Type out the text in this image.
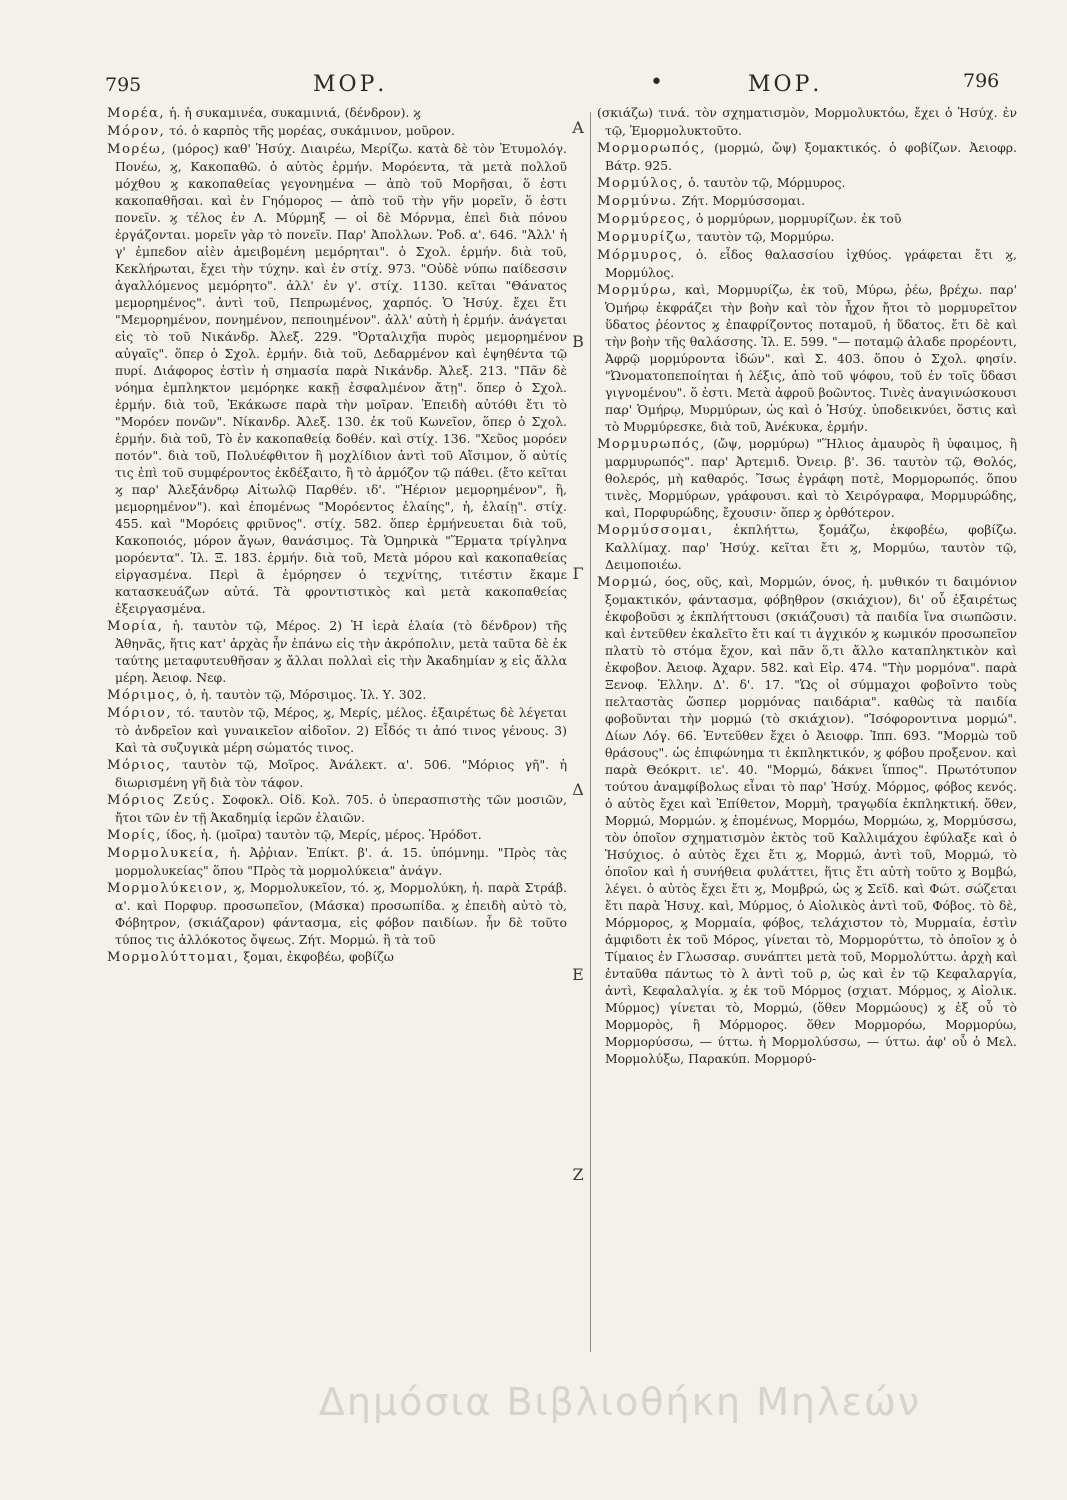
795	ΜΟΡ.	•	ΜΟΡ.	796

Μορέα, ἡ. ἡ συκαμινέα, συκαμινιά, (δένδρον). ϗ

Μόρον, τό. ὁ καρπὸς τῆς μορέας, συκάμινον, μοῦρον.

Μορέω, (μόρος) καθ' Ἡσύχ. Διαιρέω, Μερίζω. κατὰ δὲ τὸν Ἐτυμολόγ. Πονέω, ϗ, Κακοπαθῶ. ὁ αὐτὸς ἑρμήν. Μορόεντα, τὰ μετὰ πολλοῦ μόχθου ϗ κακοπαθείας γεγονημένα — ἀπὸ τοῦ Μορῆσαι, ὅ ἐστι κακοπαθῆσαι. καὶ ἐν Γηόμορος — ἀπὸ τοῦ τὴν γῆν μορεῖν, ὅ ἐστι πονεῖν. ϗ τέλος ἐν Λ. Μύρμηξ — οἱ δὲ Μόρνμα, ἐπεὶ διὰ πόνου ἐργάζονται. μορεῖν γὰρ τὸ πονεῖν. Παρ' Ἀπολλων. Ῥοδ. α'. 646. "Ἀλλ' ἡ γ' ἐμπεδον αἰὲν ἀμειβομένη μεμόρηται". ὁ Σχολ. ἑρμήν. διὰ τοῦ, Κεκλήρωται, ἔχει τὴν τύχην. καὶ ἐν στίχ. 973. "Οὐδὲ νύπω παίδεσσιν ἀγαλλόμενος μεμόρητο". ἀλλ' ἐν γ'. στίχ. 1130. κεῖται "Θάνατος μεμορημένος". ἀντὶ τοῦ, Πεπρωμένος, χαρπός. Ὁ Ἡσύχ. ἔχει ἔτι "Μεμορημένον, πονημένον, πεποιημένον". ἀλλ' αὐτὴ ἡ ἑρμήν. ἀνάγεται εἰς τὸ τοῦ Νικάνδρ. Ἀλεξ. 229. "Ὀρταλιχῆα πυρὸς μεμορημένον αὐγαῖς". ὅπερ ὁ Σχολ. ἑρμήν. διὰ τοῦ, Δεδαρμένον καὶ ἐψηθέντα τῷ πυρί. Διάφορος ἐστὶν ἡ σημασία παρὰ Νικάνδρ. Ἀλεξ. 213. "Πᾶν δὲ νόημα ἐμπληκτον μεμόρηκε κακῇ ἐσφαλμένον ἄτῃ". ὅπερ ὁ Σχολ. ἑρμήν. διὰ τοῦ, Ἐκάκωσε παρὰ τὴν μοῖραν. Ἐπειδὴ αὐτόθι ἔτι τὸ "Μορόεν πονῶν". Νίκανδρ. Ἀλεξ. 130. ἐκ τοῦ Κωνεῖον, ὅπερ ὁ Σχολ. ἑρμήν. διὰ τοῦ, Τὸ ἐν κακοπαθείᾳ δοθέν. καὶ στίχ. 136. "Χεῦος μορόεν ποτόν". διὰ τοῦ, Πολυέφθιτον ἢ μοχλίδιον ἀντὶ τοῦ Αἴσιμον, ὅ αὐτίς τις ἐπὶ τοῦ συμφέροντος ἐκδέξαιτο, ἢ τὸ ἁρμόζον τῷ πάθει. (ἔτο κεῖται ϗ παρ' Ἀλεξάνδρῳ Αἰτωλῷ Παρθέν. ιδ'. "Ἠέριον μεμορημένον", ἢ, μεμορημένον"). καὶ ἐπομένως "Μορόεντος ἐλαίης", ἡ, ἐλαίῃ". στίχ. 455. καὶ "Μορόεις φριῦνος". στίχ. 582. ὅπερ ἑρμήνευεται διὰ τοῦ, Κακοποιός, μόρον ἄγων, θανάσιμος. Τὰ Ὁμηρικὰ "Ἕρματα τρίγληνα μορόεντα". Ἰλ. Ξ. 183. ἑρμήν. διὰ τοῦ, Μετὰ μόρου καὶ κακοπαθείας εἰργασμένα. Περὶ ἃ ἐμόρησεν ὁ τεχνίτης, τιτέστιν ἔκαμε κατασκευάζων αὐτά. Τὰ φροντιστικὸς καὶ μετὰ κακοπαθείας ἐξειργασμένα.

Μορία, ἡ. ταυτὸν τῷ, Μέρος. 2) Ἡ ἱερὰ ἐλαία (τὸ δένδρον) τῆς Ἀθηνᾶς, ἥτις κατ' ἀρχὰς ἦν ἐπάνω εἰς τὴν ἀκρόπολιν, μετὰ ταῦτα δὲ ἐκ ταύτης μεταφυτευθῆσαν ϗ ἄλλαι πολλαὶ εἰς τὴν Ἀκαδημίαν ϗ εἰς ἄλλα μέρη. Ἀειοφ. Νεφ.

Μόριμος, ὁ, ἡ. ταυτὸν τῷ, Μόρσιμος. Ἰλ. Υ. 302.

Μόριον, τό. ταυτὸν τῷ, Μέρος, ϗ, Μερίς, μέλος. ἐξαιρέτως δὲ λέγεται τὸ ἀνδρεῖον καὶ γυναικεῖον αἰδοῖον. 2) Εἶδός τι ἀπό τινος γένους. 3) Καὶ τὰ συζυγικὰ μέρη σώματός τινος.

Μόριος, ταυτὸν τῷ, Μοῖρος. Ἀνάλεκτ. α'. 506. "Μόριος γῆ". ἡ διωρισμένη γῆ διὰ τὸν τάφον.

Μόριος Ζεύς. Σοφοκλ. Οἰδ. Κολ. 705. ὁ ὑπερασπιστὴς τῶν μοσιῶν, ἤτοι τῶν ἐν τῇ Ἀκαδημίᾳ ἱερῶν ἐλαιῶν.

Μορίς, ίδος, ἡ. (μοῖρα) ταυτὸν τῷ, Μερίς, μέρος. Ἡρόδοτ.

Μορμολυκεία, ἡ. Ἀῤῥιαν. Ἐπίκτ. β'. ά. 15. ὑπόμνημ. "Πρὸς τὰς μορμολυκείας" ὅπου "Πρὸς τὰ μορμολύκεια" ἀνάγν.

Μορμολύκειον, ϗ, Μορμολυκεῖον, τό. ϗ, Μορμολύκη, ἡ. παρὰ Στράβ. α'. καὶ Πορφυρ. προσωπεῖον, (Μάσκα) προσωπίδα. ϗ ἐπειδὴ αὐτὸ τὸ, Φόβητρον, (σκιάζαρον) φάντασμα, εἰς φόβον παιδίων. ἦν δὲ τοῦτο τύπος τις ἀλλόκοτος ὄψεως. Ζήτ. Μορμώ. ἢ τὰ τοῦ

Μορμολύττομαι, ξομαι, ἐκφοβέω, φοβίζω

Α
Β
Γ
Δ
Ε
Ζ

(σκιάζω) τινά. τὸν σχηματισμὸν, Μορμολυκτόω, ἔχει ὁ Ἡσύχ. ἐν τῷ, Ἐμορμολυκτοῦτο.

Μορμορωπός, (μορμώ, ὤψ) ξομακτικός. ὁ φοβίζων. Ἀειοφρ. Βάτρ. 925.

Μορμύλος, ὁ. ταυτὸν τῷ, Μόρμυρος.

Μορμύνω. Ζήτ. Μορμύσσομαι.

Μορμύρεος, ὁ μορμύρων, μορμυρίζων. ἐκ τοῦ

Μορμυρίζω, ταυτὸν τῷ, Μορμύρω.

Μόρμυρος, ὁ. εἶδος θαλασσίου ἰχθύος. γράφεται ἔτι ϗ, Μορμύλος.

Μορμύρω, καὶ, Μορμυρίζω, ἐκ τοῦ, Μύρω, ῥέω, βρέχω. παρ' Ὁμήρῳ ἐκφράζει τὴν βοὴν καὶ τὸν ἦχον ἤτοι τὸ μορμυρεῖτον ὕδατος ῥέοντος ϗ ἐπαφρίζοντος ποταμοῦ, ἡ ὕδατος. ἔτι δὲ καὶ τὴν βοὴν τῆς θαλάσσης. Ἰλ. Ε. 599. "— ποταμῷ ἀλαδε προρέοντι, Ἀφρῷ μορμύροντα ἰδών". καὶ Σ. 403. ὅπου ὁ Σχολ. φησίν. "Ὠνοματοπεποίηται ἡ λέξις, ἀπὸ τοῦ ψόφου, τοῦ ἐν τοῖς ὕδασι γιγνομένου". ὅ ἐστι. Μετὰ ἀφροῦ βοῶντος. Τινὲς ἀναγινώσκουσι παρ' Ὁμήρῳ, Μυρμύρων, ὡς καὶ ὁ Ἡσύχ. ὑποδεικνύει, ὅστις καὶ τὸ Μυρμύρεσκε, διὰ τοῦ, Ἀνέκυκα, ἑρμήν.

Μορμυρωπός, (ὤψ, μορμύρω) "Ἥλιος ἀμαυρὸς ἢ ὑφαιμος, ἢ μαρμυρωπός". παρ' Ἀρτεμιδ. Ὀνειρ. β'. 36. ταυτὸν τῷ, Θολός, θολερός, μὴ καθαρός. Ἴσως ἐγράφη ποτὲ, Μορμορωπός. ὅπου τινὲς, Μορμύρων, γράφουσι. καὶ τὸ Χειρόγραφα, Μορμυρώδης, καὶ, Πορφυρώδης, ἔχουσιν· ὅπερ ϗ ὀρθότερον.

Μορμύσσομαι, ἐκπλήττω, ξομάζω, ἐκφοβέω, φοβίζω. Καλλίμαχ. παρ' Ἡσύχ. κεῖται ἔτι ϗ, Μορμύω, ταυτὸν τῷ, Δειμοποιέω.

Μορμώ, όος, οῦς, καὶ, Μορμών, όνος, ἡ. μυθικόν τι δαιμόνιον ξομακτικόν, φάντασμα, φόβηθρον (σκιάχιον), δι' οὗ ἐξαιρέτως ἐκφοβοῦσι ϗ ἐκπλήττουσι (σκιάζουσι) τὰ παιδία ἵνα σιωπῶσιν. καὶ ἐντεῦθεν ἐκαλεῖτο ἔτι καί τι ἀγχικόν ϗ κωμικόν προσωπεῖον πλατὺ τὸ στόμα ἔχον, καὶ πᾶν ὅ,τι ἄλλο καταπληκτικὸν καὶ ἐκφοβον. Ἀειοφ. Ἀχαρν. 582. καὶ Εἰρ. 474. "Τὴν μορμόνα". παρὰ Ξενοφ. Ἑλλην. Δ'. δ'. 17. "Ὡς οἱ σύμμαχοι φοβοῖντο τοὺς πελταστὰς ὥσπερ μορμόνας παιδάρια". καθὼς τὰ παιδία φοβοῦνται τὴν μορμώ (τὸ σκιάχιον). "Ἰσόφοροντινα μορμώ". Δίων Λόγ. 66. Ἐντεῦθεν ἔχει ὁ Ἀειοφρ. Ἱππ. 693. "Μορμὼ τοῦ θράσους". ὡς ἐπιφώνημα τι ἐκπληκτικόν, ϗ φόβου προξενον. καὶ παρὰ Θεόκριτ. ιε'. 40. "Μορμώ, δάκνει ἵππος". Πρωτότυπον τούτου ἀναμφίβολως εἶναι τὸ παρ' Ἡσύχ. Μόρμος, φόβος κενός. ὁ αὐτὸς ἔχει καὶ Ἐπίθετον, Μορμὴ, τραγῳδία ἐκπληκτική. ὅθεν, Μορμώ, Μορμών. ϗ ἐπομένως, Μορμόω, Μορμώω, ϗ, Μορμύσσω, τὸν ὁποῖον σχηματισμὸν ἐκτὸς τοῦ Καλλιμάχου ἐφύλαξε καὶ ὁ Ἡσύχιος. ὁ αὐτὸς ἔχει ἔτι ϗ, Μορμώ, ἀντὶ τοῦ, Μορμώ, τὸ ὁποῖον καὶ ἡ συνήθεια φυλάττει, ἥτις ἔτι αὐτὴ τοῦτο ϗ Βομβώ, λέγει. ὁ αὐτὸς ἔχει ἔτι ϗ, Μομβρώ, ὡς ϗ Σεϊδ. καὶ Φώτ. σώζεται ἔτι παρὰ Ἡσυχ. καὶ, Μύρμος, ὁ Αἰολικὸς ἀντὶ τοῦ, Φόβος. τὸ δὲ, Μόρμορος, ϗ Μορμαία, φόβος, τελάχιστον τὸ, Μυρμαία, ἐστὶν ἀμφιδοτι ἐκ τοῦ Μόρος, γίνεται τὸ, Μορμορύττω, τὸ ὁποῖον ϗ ὁ Τίμαιος ἐν Γλωσσαρ. συνάπτει μετὰ τοῦ, Μορμολύττω. ἀρχὴ καὶ ἐνταῦθα πάντως τὸ λ ἀντὶ τοῦ ρ, ὡς καὶ ἐν τῷ Κεφαλαργία, ἀντὶ, Κεφαλαλγία. ϗ ἐκ τοῦ Μόρμος (σχιατ. Μόρμος, ϗ Αἰολικ. Μύρμος) γίνεται τὸ, Μορμώ, (ὅθεν Μορμώους) ϗ ἐξ οὗ τὸ Μορμορὸς, ἢ Μόρμορος. ὅθεν Μορμορόω, Μορμορύω, Μορμορύσσω, — ύττω. ἡ Μορμολύσσω, — ύττω. ἀφ' οὗ ὁ Μελ. Μορμολύξω, Παρακύπ. Μορμορύ-

Δημόσια Βιβλιοθήκη Μηλεών
